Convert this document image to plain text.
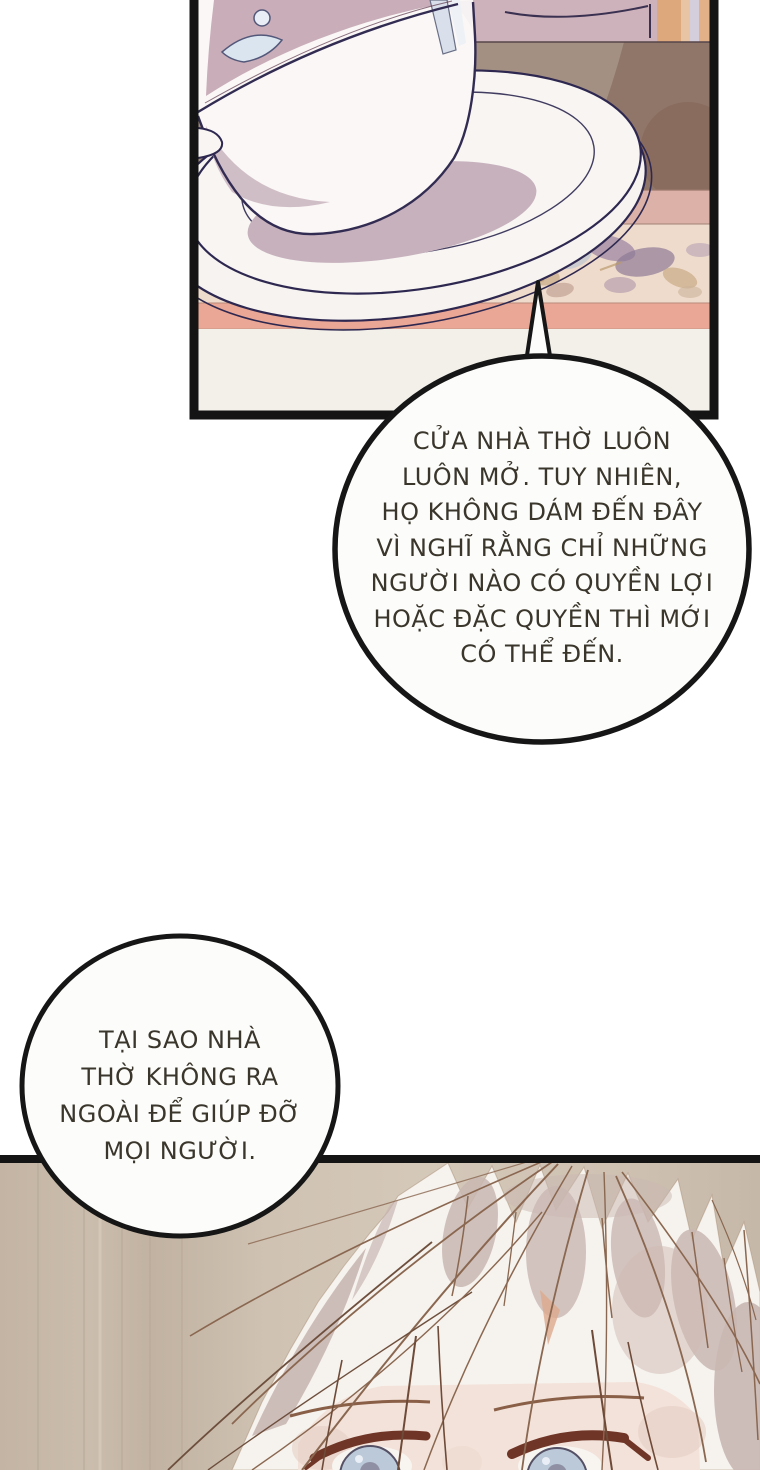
CỬA NHÀ THỜ LUÔN
LUÔN MỞ. TUY NHIÊN,
HỌ KHÔNG DÁM ĐẾN ĐÂY
VÌ NGHĨ RẰNG CHỈ NHỮNG
NGƯỜI NÀO CÓ QUYỀN LỢI
HOẶC ĐẶC QUYỀN THÌ MỚI
CÓ THỂ ĐẾN.
TẠI SAO NHÀ
THỜ KHÔNG RA
NGOÀI ĐỂ GIÚP ĐỠ
MỌI NGƯỜI.
